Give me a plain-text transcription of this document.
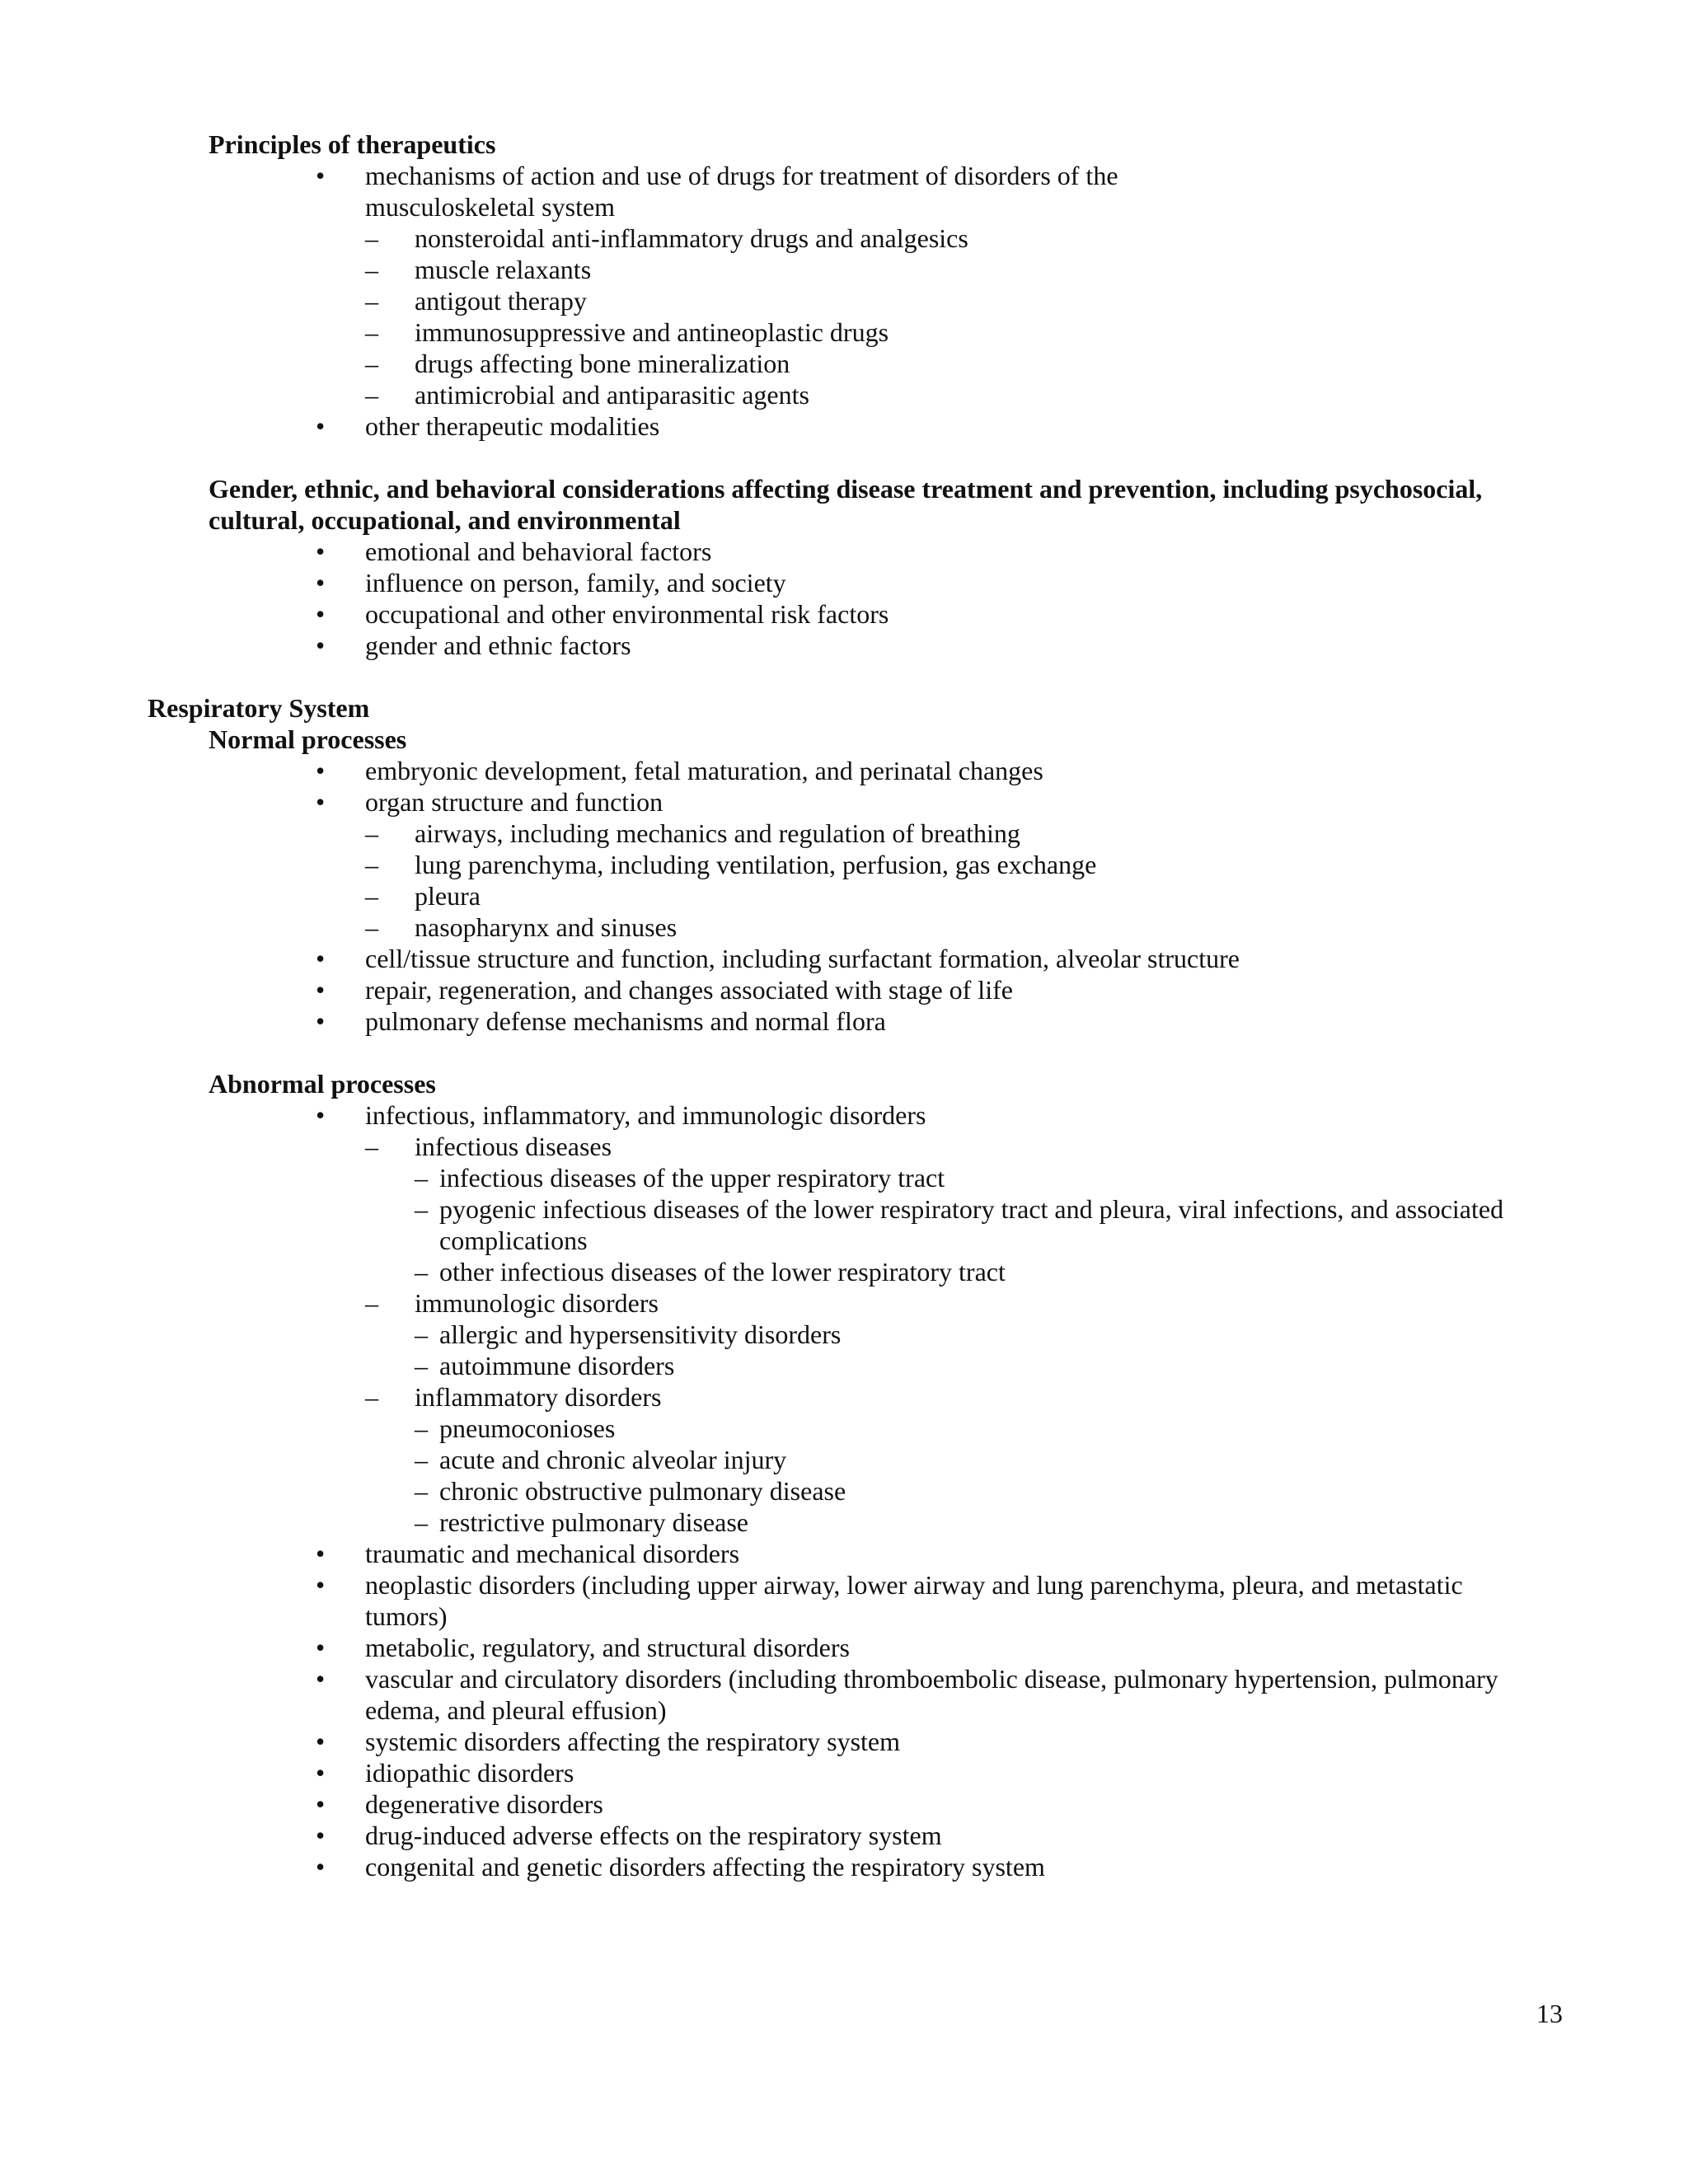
Principles of therapeutics
•	mechanisms of action and use of drugs for treatment of disorders of the
musculoskeletal system
– nonsteroidal anti-inflammatory drugs and analgesics
– muscle relaxants
– antigout therapy
– immunosuppressive and antineoplastic drugs
– drugs affecting bone mineralization
– antimicrobial and antiparasitic agents
•	other therapeutic modalities
Gender, ethnic, and behavioral considerations affecting disease treatment and prevention, including psychosocial,
cultural, occupational, and environmental
•	emotional and behavioral factors
•	influence on person, family, and society
•	occupational and other environmental risk factors
•	gender and ethnic factors
Respiratory System
Normal processes
•	embryonic development, fetal maturation, and perinatal changes
•	organ structure and function
– airways, including mechanics and regulation of breathing
– lung parenchyma, including ventilation, perfusion, gas exchange
– pleura
– nasopharynx and sinuses
•	cell/tissue structure and function, including surfactant formation, alveolar structure
•	repair, regeneration, and changes associated with stage of life
•	pulmonary defense mechanisms and normal flora
Abnormal processes
•	infectious, inflammatory, and immunologic disorders
– infectious diseases
– infectious diseases of the upper respiratory tract
– pyogenic infectious diseases of the lower respiratory tract and pleura, viral infections, and associated
complications
– other infectious diseases of the lower respiratory tract
– immunologic disorders
– allergic and hypersensitivity disorders
– autoimmune disorders
– inflammatory disorders
– pneumoconioses
– acute and chronic alveolar injury
– chronic obstructive pulmonary disease
– restrictive pulmonary disease
•	traumatic and mechanical disorders
•	neoplastic disorders (including upper airway, lower airway and lung parenchyma, pleura, and metastatic
tumors)
•	metabolic, regulatory, and structural disorders
•	vascular and circulatory disorders (including thromboembolic disease, pulmonary hypertension, pulmonary
edema, and pleural effusion)
•	systemic disorders affecting the respiratory system
•	idiopathic disorders
•	degenerative disorders
•	drug-induced adverse effects on the respiratory system
•	congenital and genetic disorders affecting the respiratory system
13
